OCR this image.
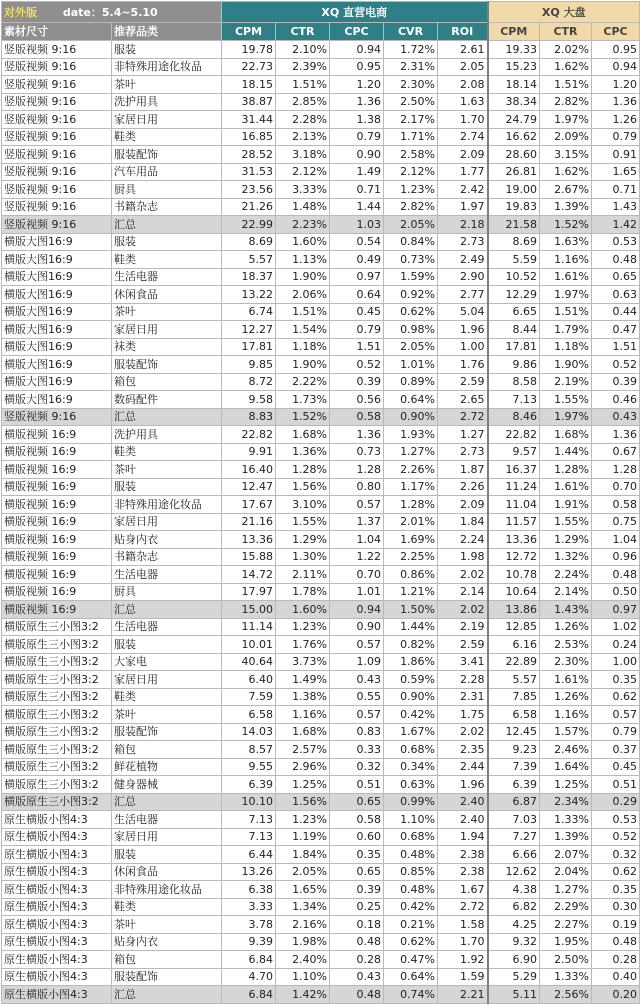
对外版 date：5.4~5.10		XQ 直营电商					XQ 大盘		
素材尺寸	推荐品类	CPM	CTR	CPC	CVR	ROI	CPM	CTR	CPC
竖版视频 9:16	服装	19.78	2.10%	0.94	1.72%	2.61	19.33	2.02%	0.95
竖版视频 9:16	非特殊用途化妆品	22.73	2.39%	0.95	2.31%	2.05	15.23	1.62%	0.94
竖版视频 9:16	茶叶	18.15	1.51%	1.20	2.30%	2.08	18.14	1.51%	1.20
竖版视频 9:16	洗护用具	38.87	2.85%	1.36	2.50%	1.63	38.34	2.82%	1.36
竖版视频 9:16	家居日用	31.44	2.28%	1.38	2.17%	1.70	24.79	1.97%	1.26
竖版视频 9:16	鞋类	16.85	2.13%	0.79	1.71%	2.74	16.62	2.09%	0.79
竖版视频 9:16	服装配饰	28.52	3.18%	0.90	2.58%	2.09	28.60	3.15%	0.91
竖版视频 9:16	汽车用品	31.53	2.12%	1.49	2.12%	1.77	26.81	1.62%	1.65
竖版视频 9:16	厨具	23.56	3.33%	0.71	1.23%	2.42	19.00	2.67%	0.71
竖版视频 9:16	书籍杂志	21.26	1.48%	1.44	2.82%	1.97	19.83	1.39%	1.43
竖版视频 9:16	汇总	22.99	2.23%	1.03	2.05%	2.18	21.58	1.52%	1.42
横版大图16:9	服装	8.69	1.60%	0.54	0.84%	2.73	8.69	1.63%	0.53
横版大图16:9	鞋类	5.57	1.13%	0.49	0.73%	2.49	5.59	1.16%	0.48
横版大图16:9	生活电器	18.37	1.90%	0.97	1.59%	2.90	10.52	1.61%	0.65
横版大图16:9	休闲食品	13.22	2.06%	0.64	0.92%	2.77	12.29	1.97%	0.63
横版大图16:9	茶叶	6.74	1.51%	0.45	0.62%	5.04	6.65	1.51%	0.44
横版大图16:9	家居日用	12.27	1.54%	0.79	0.98%	1.96	8.44	1.79%	0.47
横版大图16:9	袜类	17.81	1.18%	1.51	2.05%	1.00	17.81	1.18%	1.51
横版大图16:9	服装配饰	9.85	1.90%	0.52	1.01%	1.76	9.86	1.90%	0.52
横版大图16:9	箱包	8.72	2.22%	0.39	0.89%	2.59	8.58	2.19%	0.39
横版大图16:9	数码配件	9.58	1.73%	0.56	0.64%	2.65	7.13	1.55%	0.46
竖版视频 9:16	汇总	8.83	1.52%	0.58	0.90%	2.72	8.46	1.97%	0.43
横版视频 16:9	洗护用具	22.82	1.68%	1.36	1.93%	1.27	22.82	1.68%	1.36
横版视频 16:9	鞋类	9.91	1.36%	0.73	1.27%	2.73	9.57	1.44%	0.67
横版视频 16:9	茶叶	16.40	1.28%	1.28	2.26%	1.87	16.37	1.28%	1.28
横版视频 16:9	服装	12.47	1.56%	0.80	1.17%	2.26	11.24	1.61%	0.70
横版视频 16:9	非特殊用途化妆品	17.67	3.10%	0.57	1.28%	2.09	11.04	1.91%	0.58
横版视频 16:9	家居日用	21.16	1.55%	1.37	2.01%	1.84	11.57	1.55%	0.75
横版视频 16:9	贴身内衣	13.36	1.29%	1.04	1.69%	2.24	13.36	1.29%	1.04
横版视频 16:9	书籍杂志	15.88	1.30%	1.22	2.25%	1.98	12.72	1.32%	0.96
横版视频 16:9	生活电器	14.72	2.11%	0.70	0.86%	2.02	10.78	2.24%	0.48
横版视频 16:9	厨具	17.97	1.78%	1.01	1.21%	2.14	10.64	2.14%	0.50
横版视频 16:9	汇总	15.00	1.60%	0.94	1.50%	2.02	13.86	1.43%	0.97
横版原生三小图3:2	生活电器	11.14	1.23%	0.90	1.44%	2.19	12.85	1.26%	1.02
横版原生三小图3:2	服装	10.01	1.76%	0.57	0.82%	2.59	6.16	2.53%	0.24
横版原生三小图3:2	大家电	40.64	3.73%	1.09	1.86%	3.41	22.89	2.30%	1.00
横版原生三小图3:2	家居日用	6.40	1.49%	0.43	0.59%	2.28	5.57	1.61%	0.35
横版原生三小图3:2	鞋类	7.59	1.38%	0.55	0.90%	2.31	7.85	1.26%	0.62
横版原生三小图3:2	茶叶	6.58	1.16%	0.57	0.42%	1.75	6.58	1.16%	0.57
横版原生三小图3:2	服装配饰	14.03	1.68%	0.83	1.67%	2.02	12.45	1.57%	0.79
横版原生三小图3:2	箱包	8.57	2.57%	0.33	0.68%	2.35	9.23	2.46%	0.37
横版原生三小图3:2	鲜花植物	9.55	2.96%	0.32	0.34%	2.44	7.39	1.64%	0.45
横版原生三小图3:2	健身器械	6.39	1.25%	0.51	0.63%	1.96	6.39	1.25%	0.51
横版原生三小图3:2	汇总	10.10	1.56%	0.65	0.99%	2.40	6.87	2.34%	0.29
原生横版小图4:3	生活电器	7.13	1.23%	0.58	1.10%	2.40	7.03	1.33%	0.53
原生横版小图4:3	家居日用	7.13	1.19%	0.60	0.68%	1.94	7.27	1.39%	0.52
原生横版小图4:3	服装	6.44	1.84%	0.35	0.48%	2.38	6.66	2.07%	0.32
原生横版小图4:3	休闲食品	13.26	2.05%	0.65	0.85%	2.38	12.62	2.04%	0.62
原生横版小图4:3	非特殊用途化妆品	6.38	1.65%	0.39	0.48%	1.67	4.38	1.27%	0.35
原生横版小图4:3	鞋类	3.33	1.34%	0.25	0.42%	2.72	6.82	2.29%	0.30
原生横版小图4:3	茶叶	3.78	2.16%	0.18	0.21%	1.58	4.25	2.27%	0.19
原生横版小图4:3	贴身内衣	9.39	1.98%	0.48	0.62%	1.70	9.32	1.95%	0.48
原生横版小图4:3	箱包	6.84	2.40%	0.28	0.47%	1.92	6.90	2.50%	0.28
原生横版小图4:3	服装配饰	4.70	1.10%	0.43	0.64%	1.59	5.29	1.33%	0.40
原生横版小图4:3	汇总	6.84	1.42%	0.48	0.74%	2.21	5.11	2.56%	0.20
